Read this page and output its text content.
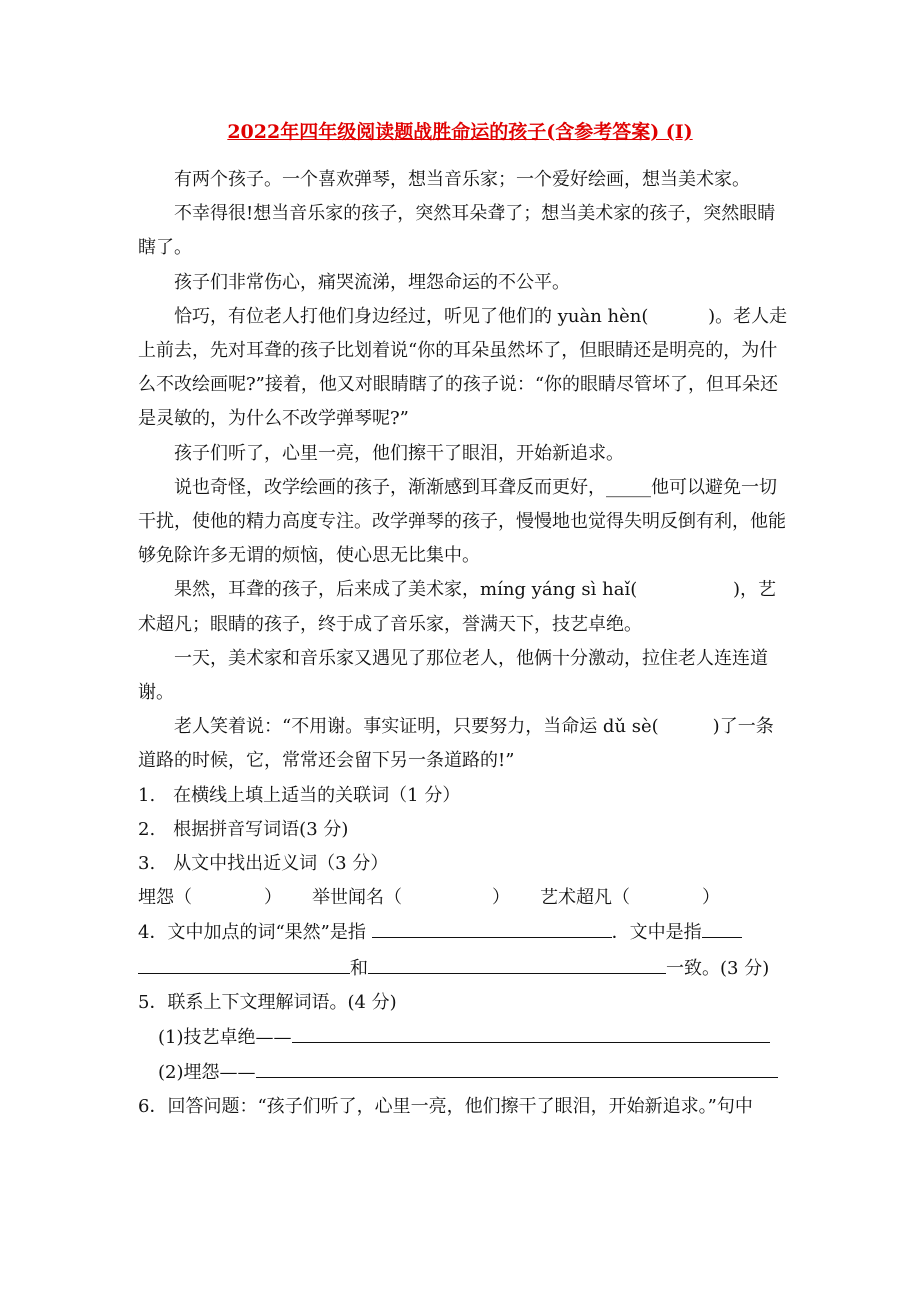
2022年四年级阅读题战胜命运的孩子(含参考答案) (I)

有两个孩子。一个喜欢弹琴，想当音乐家；一个爱好绘画，想当美术家。

不幸得很!想当音乐家的孩子，突然耳朵聋了；想当美术家的孩子，突然眼睛瞎了。

孩子们非常伤心，痛哭流涕，埋怨命运的不公平。

恰巧，有位老人打他们身边经过，听见了他们的 yuàn hèn(　　　 )。老人走上前去，先对耳聋的孩子比划着说“你的耳朵虽然坏了，但眼睛还是明亮的，为什么不改绘画呢?”接着，他又对眼睛瞎了的孩子说：“你的眼睛尽管坏了，但耳朵还是灵敏的，为什么不改学弹琴呢?”

孩子们听了，心里一亮，他们擦干了眼泪，开始新追求。

说也奇怪，改学绘画的孩子，渐渐感到耳聋反而更好，_____他可以避免一切干扰，使他的精力高度专注。改学弹琴的孩子，慢慢地也觉得失明反倒有利，他能够免除许多无谓的烦恼，使心思无比集中。

果然，耳聋的孩子，后来成了美术家，míng yáng sì haǐ(　　　　　 )，艺术超凡；眼睛的孩子，终于成了音乐家，誉满天下，技艺卓绝。

一天，美术家和音乐家又遇见了那位老人，他俩十分激动，拉住老人连连道谢。

老人笑着说：“不用谢。事实证明，只要努力，当命运 dǔ sè(　　　)了一条道路的时候，它，常常还会留下另一条道路的!”

1.　在横线上填上适当的关联词（1 分）

2.　根据拼音写词语(3 分)

3.　从文中找出近义词（3 分）

埋怨（　　　　） 举世闻名（　　　　　） 艺术超凡（　　　　）

4．文中加点的词“果然”是指	．文中是指

和	一致。(3 分)

5．联系上下文理解词语。(4 分)

(1)技艺卓绝——

(2)埋怨——

6．回答问题：“孩子们听了，心里一亮，他们擦干了眼泪，开始新追求。”句中
